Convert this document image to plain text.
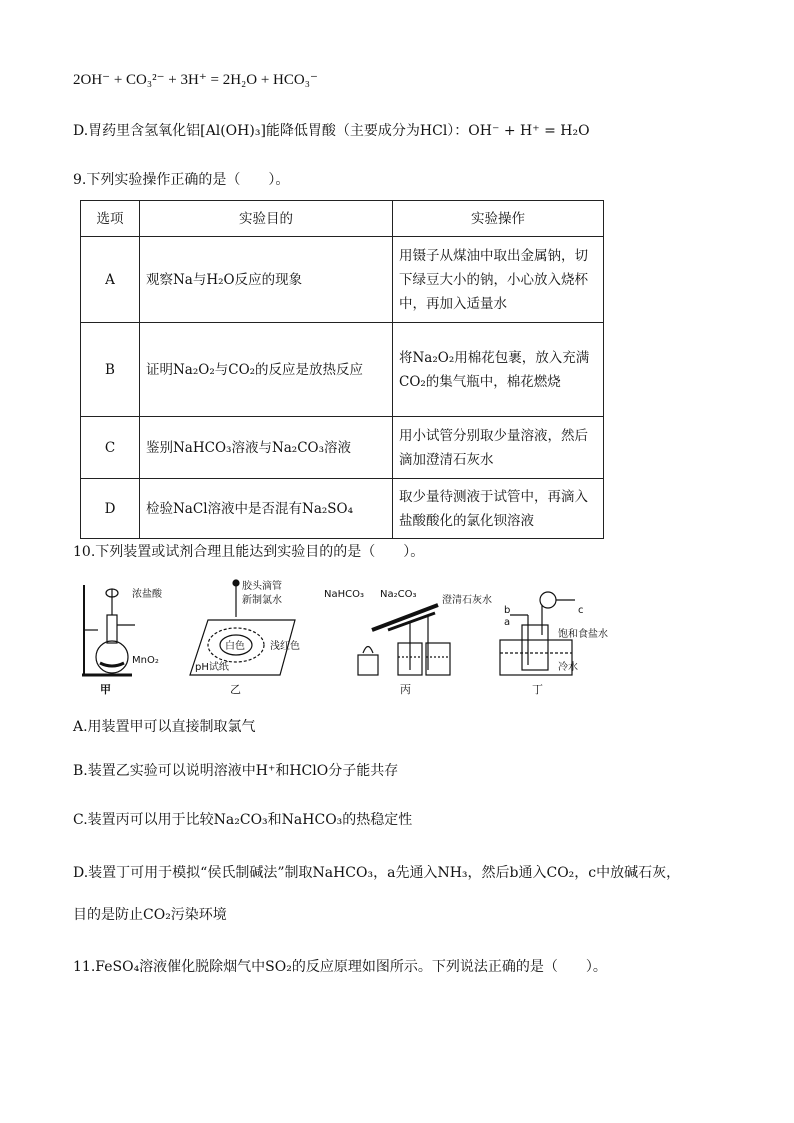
2OH⁻ + CO₃²⁻ + 3H⁺ = 2H₂O + HCO₃⁻
D.胃药里含氢氧化铝[Al(OH)₃]能降低胃酸（主要成分为HCl）：OH⁻ + H⁺ = H₂O
9.下列实验操作正确的是（　　）。
选项	实验目的	实验操作
A	观察Na与H₂O反应的现象	用镊子从煤油中取出金属钠，切下绿豆大小的钠，小心放入烧杯中，再加入适量水
B	证明Na₂O₂与CO₂的反应是放热反应	将Na₂O₂用棉花包裹，放入充满CO₂的集气瓶中，棉花燃烧
C	鉴别NaHCO₃溶液与Na₂CO₃溶液	用小试管分别取少量溶液，然后滴加澄清石灰水
D	检验NaCl溶液中是否混有Na₂SO₄	取少量待测液于试管中，再滴入盐酸酸化的氯化钡溶液
10.下列装置或试剂合理且能达到实验目的的是（　　）。
浓盐酸
MnO₂
甲
胶头滴管
新制氯水
白色	浅红色
pH试纸
乙
NaHCO₃ Na₂CO₃
澄清石灰水
丙
b
a
c
饱和食盐水
冷水
丁
A.用装置甲可以直接制取氯气
B.装置乙实验可以说明溶液中H⁺和HClO分子能共存
C.装置丙可以用于比较Na₂CO₃和NaHCO₃的热稳定性
D.装置丁可用于模拟“侯氏制碱法”制取NaHCO₃，a先通入NH₃，然后b通入CO₂，c中放碱石灰，
目的是防止CO₂污染环境
11.FeSO₄溶液催化脱除烟气中SO₂的反应原理如图所示。下列说法正确的是（　　）。
